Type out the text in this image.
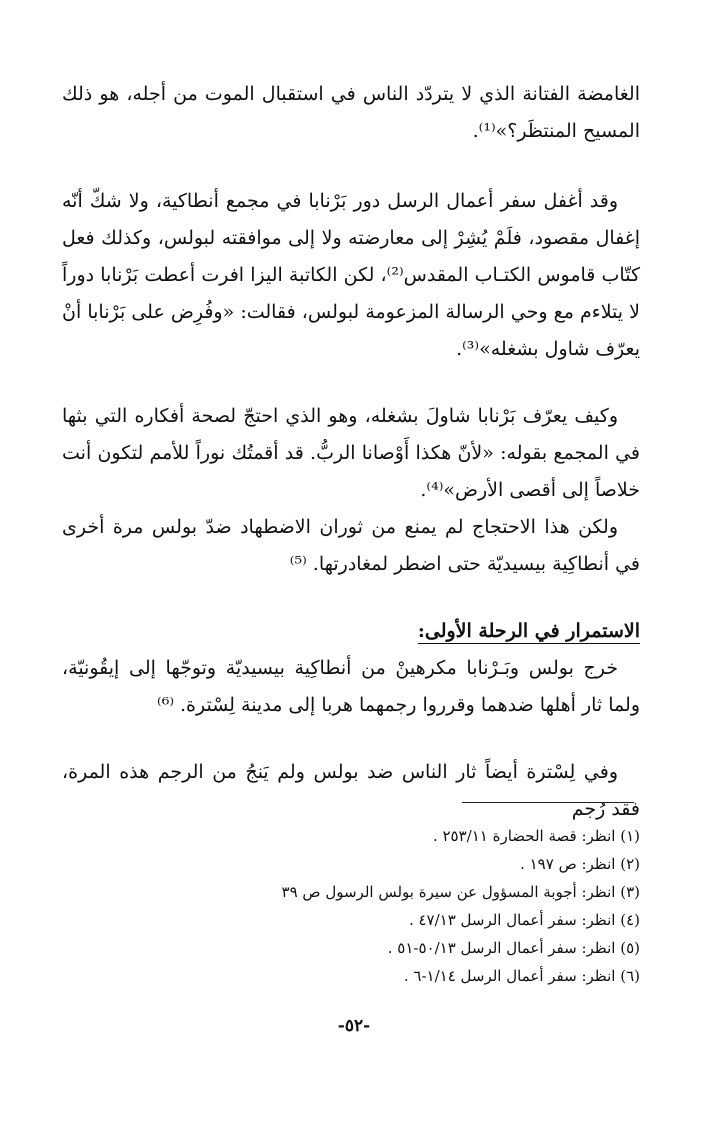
الغامضة الفتانة الذي لا يتردّد الناس في استقبال الموت من أجله، هو ذلك المسيح المنتظَر؟»⁽¹⁾.

وقد أغفل سفر أعمال الرسل دور بَرْنابا في مجمع أنطاكية، ولا شكّ أنّه إغفال مقصود، فلَمْ يُشِرْ إلى معارضته ولا إلى موافقته لبولس، وكذلك فعل كتّاب قاموس الكتـاب المقدس⁽²⁾، لكن الكاتبة اليزا افرت أعطت بَرْنابا دوراً لا يتلاءم مع وحي الرسالة المزعومة لبولس، فقالت: «وفُرِض على بَرْنابا أنْ يعرّف شاول بشغله»⁽³⁾.

وكيف يعرّف بَرْنابا شاولَ بشغله، وهو الذي احتجّ لصحة أفكاره التي بثها في المجمع بقوله: «لأنّ هكذا أَوْصانا الربُّ. قد أقمتُك نوراً للأمم لتكون أنت خلاصاً إلى أقصى الأرض»⁽⁴⁾.

ولكن هذا الاحتجاج لم يمنع من ثوران الاضطهاد ضدّ بولس مرة أخرى في أنطاكِية بيسيديّة حتى اضطر لمغادرتها. ⁽⁵⁾

الاستمرار في الرحلة الأولى:

خرج بولس وبَـرْنابا مكرهينْ من أنطاكِية بيسيديّة وتوجّها إلى إيقُونيّة، ولما ثار أهلها ضدهما وقرروا رجمهما هربا إلى مدينة لِسْترة. ⁽⁶⁾

وفي لِسْترة أيضاً ثار الناس ضد بولس ولم يَنجُ من الرجم هذه المرة، فقد رُجم

(١) انظر: قصة الحضارة ٢٥٣/١١ .

(٢) انظر: ص ١٩٧ .

(٣) انظر: أجوبة المسؤول عن سيرة بولس الرسول ص ٣٩

(٤) انظر: سفر أعمال الرسل ٤٧/١٣ .

(٥) انظر: سفر أعمال الرسل ٥٠/١٣-٥١ .

(٦) انظر: سفر أعمال الرسل ١/١٤-٦ .

-٥٢-
